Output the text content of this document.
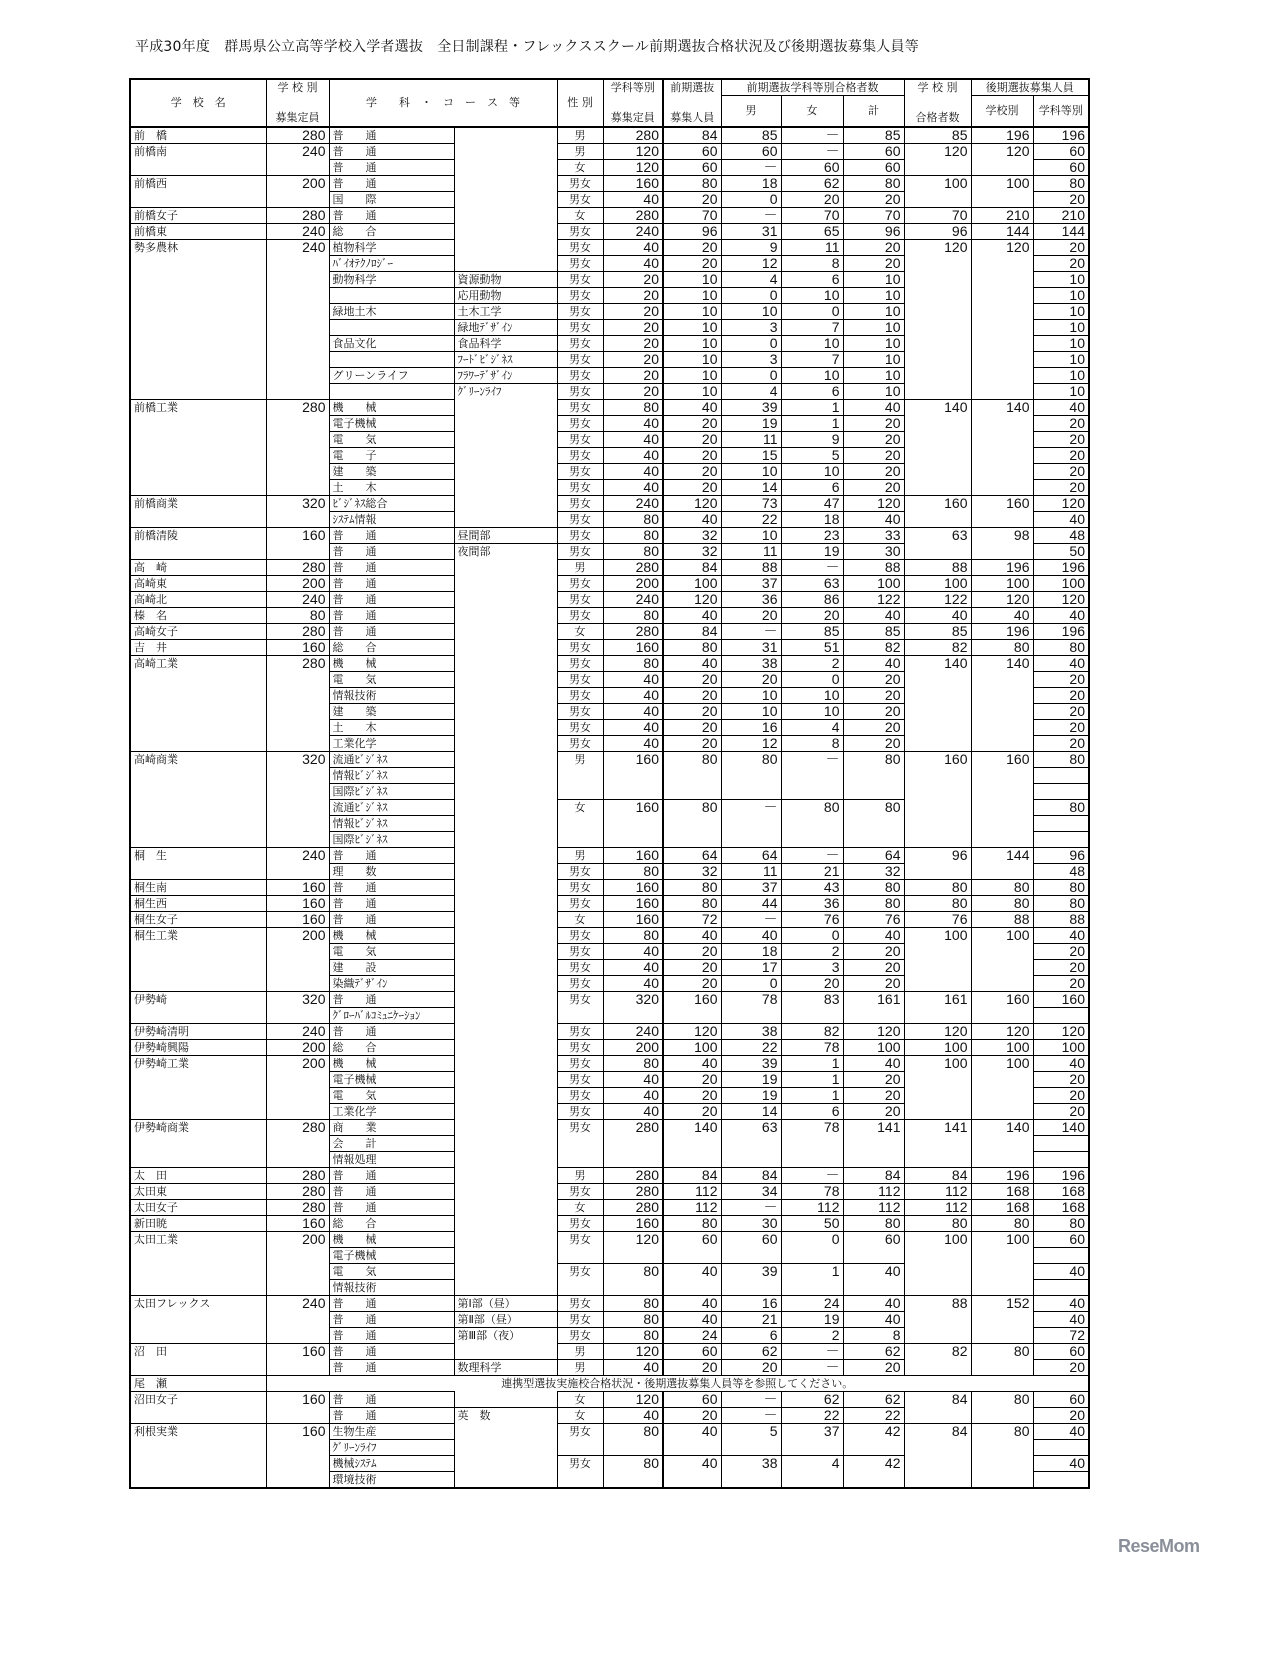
平成30年度　群馬県公立高等学校入学者選抜　全日制課程・フレックススクール前期選抜合格状況及び後期選抜募集人員等
学　校　名	学 校 別
募集定員	学　　科　・　コ　ー　ス　等	性 別	学科等別
募集定員	前期選抜
募集人員	前期選抜学科等別合格者数			学 校 別
合格者数	後期選抜募集人員	
						男	女	計		学校別	学科等別
前　橋	280	普　　通		男	280	84	85	－	85	85	196	196
前橋南	240	普　　通		男	120	60	60	－	60	120	120	60
		普　　通		女	120	60	－	60	60			60
前橋西	200	普　　通		男女	160	80	18	62	80	100	100	80
		国　　際		男女	40	20	0	20	20			20
前橋女子	280	普　　通		女	280	70	－	70	70	70	210	210
前橋東	240	総　　合		男女	240	96	31	65	96	96	144	144
勢多農林	240	植物科学		男女	40	20	9	11	20	120	120	20
		ﾊﾞｲｵﾃｸﾉﾛｼﾞｰ		男女	40	20	12	8	20			20
		動物科学	資源動物	男女	20	10	4	6	10			10
			応用動物	男女	20	10	0	10	10			10
		緑地土木	土木工学	男女	20	10	10	0	10			10
			緑地ﾃﾞｻﾞｲﾝ	男女	20	10	3	7	10			10
		食品文化	食品科学	男女	20	10	0	10	10			10
			ﾌｰﾄﾞﾋﾞｼﾞﾈｽ	男女	20	10	3	7	10			10
		グリーンライフ	ﾌﾗﾜｰﾃﾞｻﾞｲﾝ	男女	20	10	0	10	10			10
			ｸﾞﾘｰﾝﾗｲﾌ	男女	20	10	4	6	10			10
前橋工業	280	機　　械		男女	80	40	39	1	40	140	140	40
		電子機械		男女	40	20	19	1	20			20
		電　　気		男女	40	20	11	9	20			20
		電　　子		男女	40	20	15	5	20			20
		建　　築		男女	40	20	10	10	20			20
		土　　木		男女	40	20	14	6	20			20
前橋商業	320	ﾋﾞｼﾞﾈｽ総合		男女	240	120	73	47	120	160	160	120
		ｼｽﾃﾑ情報		男女	80	40	22	18	40			40
前橋清陵	160	普　　通	昼間部	男女	80	32	10	23	33	63	98	48
		普　　通	夜間部	男女	80	32	11	19	30			50
高　崎	280	普　　通		男	280	84	88	－	88	88	196	196
高崎東	200	普　　通		男女	200	100	37	63	100	100	100	100
高崎北	240	普　　通		男女	240	120	36	86	122	122	120	120
榛　名	80	普　　通		男女	80	40	20	20	40	40	40	40
高崎女子	280	普　　通		女	280	84	－	85	85	85	196	196
吉　井	160	総　　合		男女	160	80	31	51	82	82	80	80
高崎工業	280	機　　械		男女	80	40	38	2	40	140	140	40
		電　　気		男女	40	20	20	0	20			20
		情報技術		男女	40	20	10	10	20			20
		建　　築		男女	40	20	10	10	20			20
		土　　木		男女	40	20	16	4	20			20
		工業化学		男女	40	20	12	8	20			20
高崎商業	320	流通ﾋﾞｼﾞﾈｽ		男	160	80	80	－	80	160	160	80
		情報ﾋﾞｼﾞﾈｽ										
		国際ﾋﾞｼﾞﾈｽ										
		流通ﾋﾞｼﾞﾈｽ		女	160	80	－	80	80			80
		情報ﾋﾞｼﾞﾈｽ										
		国際ﾋﾞｼﾞﾈｽ										
桐　生	240	普　　通		男	160	64	64	－	64	96	144	96
		理　　数		男女	80	32	11	21	32			48
桐生南	160	普　　通		男女	160	80	37	43	80	80	80	80
桐生西	160	普　　通		男女	160	80	44	36	80	80	80	80
桐生女子	160	普　　通		女	160	72	－	76	76	76	88	88
桐生工業	200	機　　械		男女	80	40	40	0	40	100	100	40
		電　　気		男女	40	20	18	2	20			20
		建　　設		男女	40	20	17	3	20			20
		染織ﾃﾞｻﾞｲﾝ		男女	40	20	0	20	20			20
伊勢崎	320	普　　通		男女	320	160	78	83	161	161	160	160
		ｸﾞﾛｰﾊﾞﾙｺﾐｭﾆｹｰｼｮﾝ										
伊勢崎清明	240	普　　通		男女	240	120	38	82	120	120	120	120
伊勢崎興陽	200	総　　合		男女	200	100	22	78	100	100	100	100
伊勢崎工業	200	機　　械		男女	80	40	39	1	40	100	100	40
		電子機械		男女	40	20	19	1	20			20
		電　　気		男女	40	20	19	1	20			20
		工業化学		男女	40	20	14	6	20			20
伊勢崎商業	280	商　　業		男女	280	140	63	78	141	141	140	140
		会　　計										
		情報処理										
太　田	280	普　　通		男	280	84	84	－	84	84	196	196
太田東	280	普　　通		男女	280	112	34	78	112	112	168	168
太田女子	280	普　　通		女	280	112	－	112	112	112	168	168
新田暁	160	総　　合		男女	160	80	30	50	80	80	80	80
太田工業	200	機　　械		男女	120	60	60	0	60	100	100	60
		電子機械										
		電　　気		男女	80	40	39	1	40			40
		情報技術										
太田フレックス	240	普　　通	第Ⅰ部（昼）	男女	80	40	16	24	40	88	152	40
		普　　通	第Ⅱ部（昼）	男女	80	40	21	19	40			40
		普　　通	第Ⅲ部（夜）	男女	80	24	6	2	8			72
沼　田	160	普　　通		男	120	60	62	－	62	82	80	60
		普　　通	数理科学	男	40	20	20	－	20			20
尾　瀬	連携型選抜実施校合格状況・後期選抜募集人員等を参照してください。											
沼田女子	160	普　　通		女	120	60	－	62	62	84	80	60
		普　　通	英　数	女	40	20	－	22	22			20
利根実業	160	生物生産		男女	80	40	5	37	42	84	80	40
		ｸﾞﾘｰﾝﾗｲﾌ										
		機械ｼｽﾃﾑ		男女	80	40	38	4	42			40
		環境技術										
ReseMom
